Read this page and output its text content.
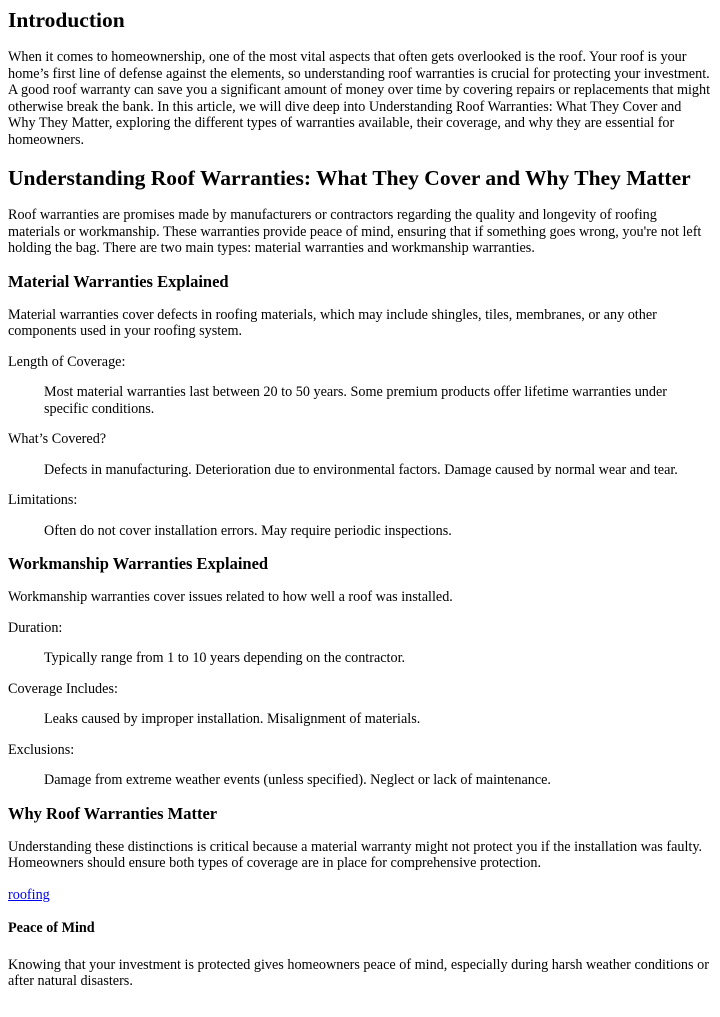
Introduction

When it comes to homeownership, one of the most vital aspects that often gets overlooked is the roof. Your roof is your home’s first line of defense against the elements, so understanding roof warranties is crucial for protecting your investment. A good roof warranty can save you a significant amount of money over time by covering repairs or replacements that might otherwise break the bank. In this article, we will dive deep into Understanding Roof Warranties: What They Cover and Why They Matter, exploring the different types of warranties available, their coverage, and why they are essential for homeowners.

Understanding Roof Warranties: What They Cover and Why They Matter

Roof warranties are promises made by manufacturers or contractors regarding the quality and longevity of roofing materials or workmanship. These warranties provide peace of mind, ensuring that if something goes wrong, you're not left holding the bag. There are two main types: material warranties and workmanship warranties.

Material Warranties Explained

Material warranties cover defects in roofing materials, which may include shingles, tiles, membranes, or any other components used in your roofing system.

Length of Coverage:
Most material warranties last between 20 to 50 years. Some premium products offer lifetime warranties under specific conditions.
What’s Covered?
Defects in manufacturing. Deterioration due to environmental factors. Damage caused by normal wear and tear.
Limitations:
Often do not cover installation errors. May require periodic inspections.
Workmanship Warranties Explained

Workmanship warranties cover issues related to how well a roof was installed.

Duration:
Typically range from 1 to 10 years depending on the contractor.
Coverage Includes:
Leaks caused by improper installation. Misalignment of materials.
Exclusions:
Damage from extreme weather events (unless specified). Neglect or lack of maintenance.
Why Roof Warranties Matter

Understanding these distinctions is critical because a material warranty might not protect you if the installation was faulty. Homeowners should ensure both types of coverage are in place for comprehensive protection.

roofing

Peace of Mind

Knowing that your investment is protected gives homeowners peace of mind, especially during harsh weather conditions or after natural disasters.
